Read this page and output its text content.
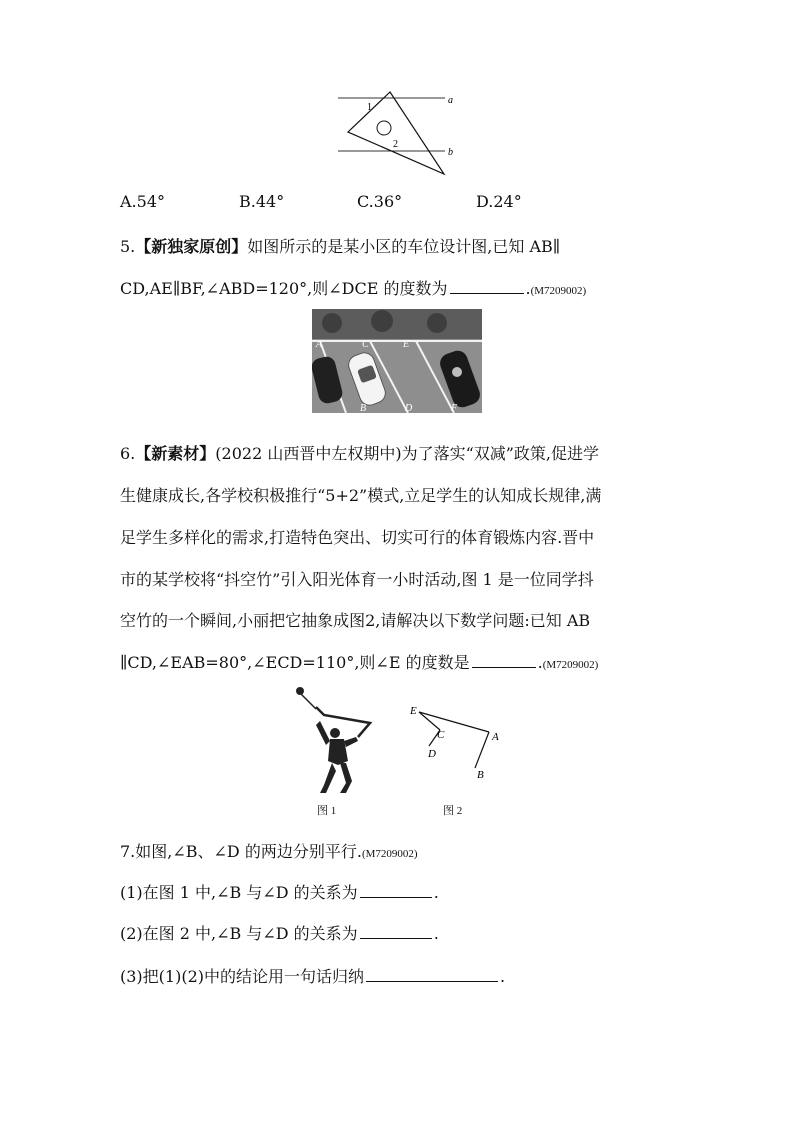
a
b
1
2
A.54°	B.44°	C.36°	D.24°
5.【新独家原创】如图所示的是某小区的车位设计图,已知 AB∥
CD,AE∥BF,∠ABD=120°,则∠DCE 的度数为	.(M7209002)
A	C	E
B	D	F
6.【新素材】(2022 山西晋中左权期中)为了落实“双减”政策,促进学
生健康成长,各学校积极推行“5+2”模式,立足学生的认知成长规律,满
足学生多样化的需求,打造特色突出、切实可行的体育锻炼内容.晋中
市的某学校将“抖空竹”引入阳光体育一小时活动,图 1 是一位同学抖
空竹的一个瞬间,小丽把它抽象成图2,请解决以下数学问题:已知 AB
∥CD,∠EAB=80°,∠ECD=110°,则∠E 的度数是	.(M7209002)
图 1
E
C
D
A
B
图 2
7.如图,∠B、∠D 的两边分别平行.(M7209002)
(1)在图 1 中,∠B 与∠D 的关系为	.
(2)在图 2 中,∠B 与∠D 的关系为	.
(3)把(1)(2)中的结论用一句话归纳	.
